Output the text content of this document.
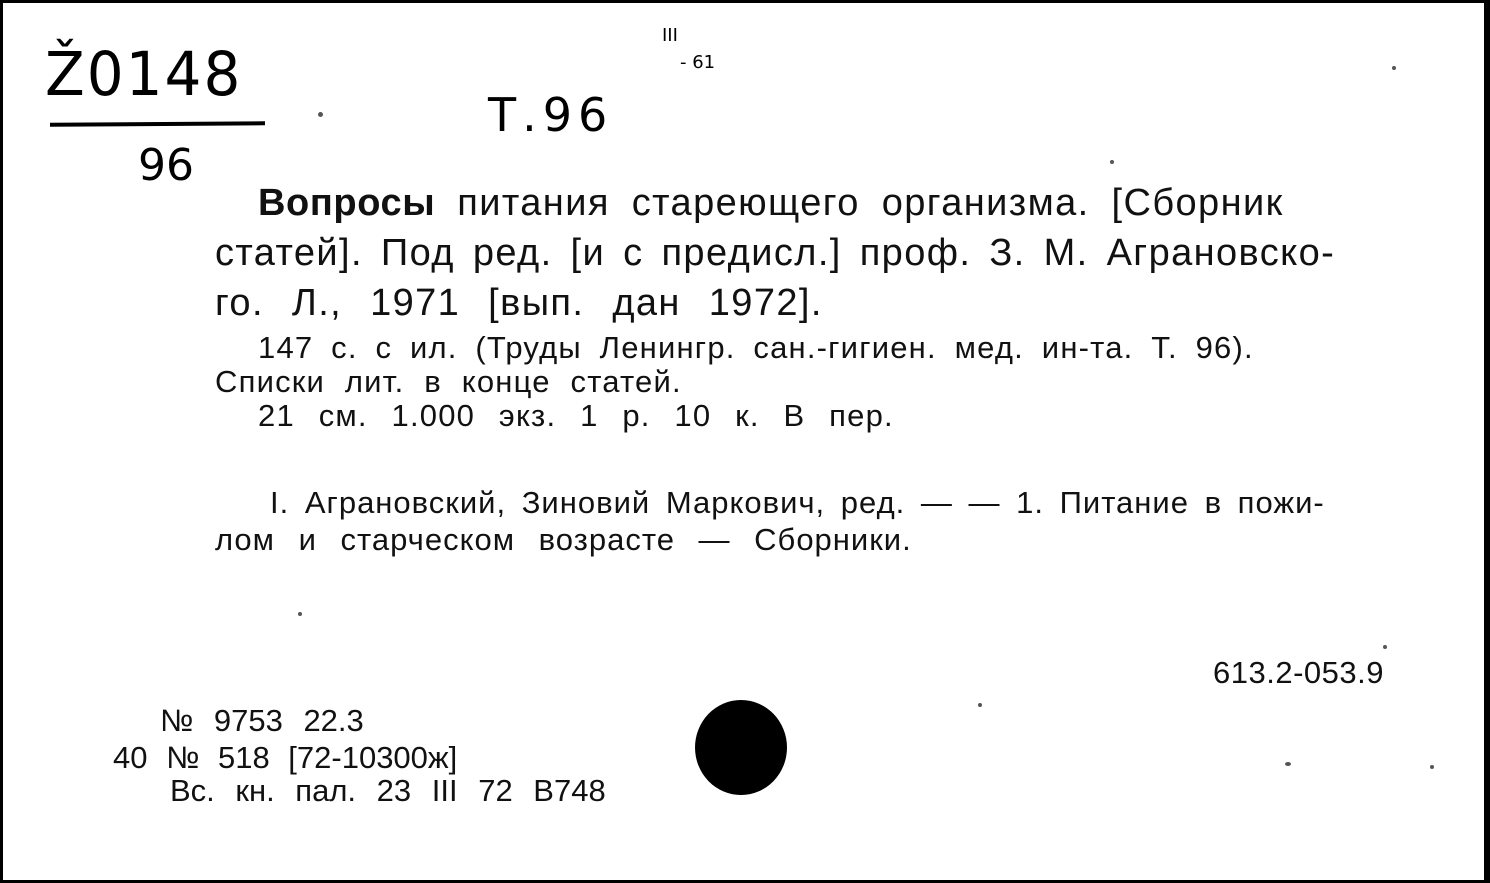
Ž0148
96
Т.96
III
- 61
Вопросы питания стареющего организма. [Сборник
статей]. Под ред. [и с предисл.] проф. З. М. Аграновско-
го. Л., 1971 [вып. дан 1972].
147 с. с ил. (Труды Ленингр. сан.-гигиен. мед. ин-та. Т. 96).
Списки лит. в конце статей.
21 см. 1.000 экз. 1 р. 10 к. В пер.
I. Аграновский, Зиновий Маркович, ред. — — 1. Питание в пожи-
лом и старческом возрасте — Сборники.
613.2-053.9
№ 9753 22.3
40 № 518 [72-10300ж]
Вс. кн. пал. 23 III 72 В748
